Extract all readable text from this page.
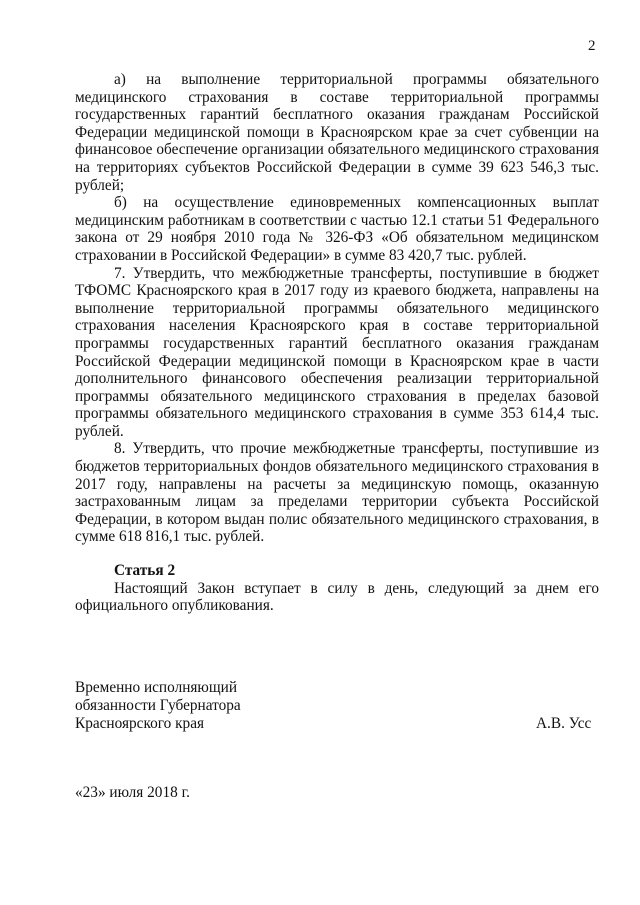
2

а) на выполнение территориальной программы обязательного медицинского страхования в составе территориальной программы государственных гарантий бесплатного оказания гражданам Российской Федерации медицинской помощи в Красноярском крае за счет субвенции на финансовое обеспечение организации обязательного медицинского страхования на территориях субъектов Российской Федерации в сумме 39 623 546,3 тыс. рублей;

б) на осуществление единовременных компенсационных выплат медицинским работникам в соответствии с частью 12.1 статьи 51 Федерального закона от 29 ноября 2010 года № 326-ФЗ «Об обязательном медицинском страховании в Российской Федерации» в сумме 83 420,7 тыс. рублей.

7. Утвердить, что межбюджетные трансферты, поступившие в бюджет ТФОМС Красноярского края в 2017 году из краевого бюджета, направлены на выполнение территориальной программы обязательного медицинского страхования населения Красноярского края в составе территориальной программы государственных гарантий бесплатного оказания гражданам Российской Федерации медицинской помощи в Красноярском крае в части дополнительного финансового обеспечения реализации территориальной программы обязательного медицинского страхования в пределах базовой программы обязательного медицинского страхования в сумме 353 614,4 тыс. рублей.

8. Утвердить, что прочие межбюджетные трансферты, поступившие из бюджетов территориальных фондов обязательного медицинского страхования в 2017 году, направлены на расчеты за медицинскую помощь, оказанную застрахованным лицам за пределами территории субъекта Российской Федерации, в котором выдан полис обязательного медицинского страхования, в сумме 618 816,1 тыс. рублей.

Статья 2

Настоящий Закон вступает в силу в день, следующий за днем его официального опубликования.

Временно исполняющий
обязанности Губернатора
Красноярского края	А.В. Усс
«23» июля 2018 г.
